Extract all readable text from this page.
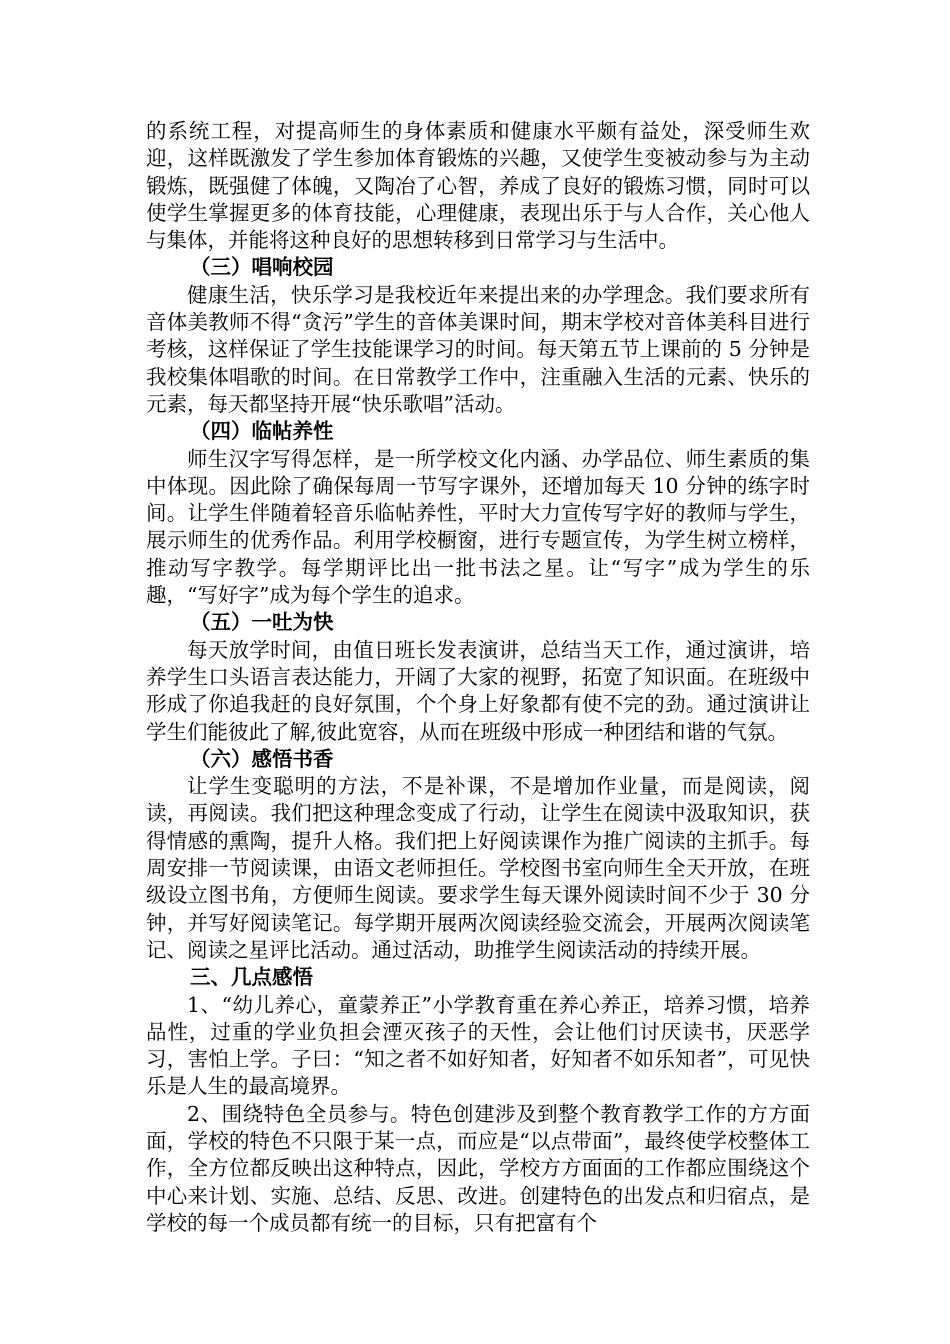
的系统工程，对提高师生的身体素质和健康水平颇有益处，深受师生欢迎，这样既激发了学生参加体育锻炼的兴趣，又使学生变被动参与为主动锻炼，既强健了体魄，又陶冶了心智，养成了良好的锻炼习惯，同时可以使学生掌握更多的体育技能，心理健康，表现出乐于与人合作，关心他人与集体，并能将这种良好的思想转移到日常学习与生活中。

（三）唱响校园

健康生活，快乐学习是我校近年来提出来的办学理念。我们要求所有音体美教师不得“贪污”学生的音体美课时间，期末学校对音体美科目进行考核，这样保证了学生技能课学习的时间。每天第五节上课前的 5 分钟是我校集体唱歌的时间。在日常教学工作中，注重融入生活的元素、快乐的元素，每天都坚持开展“快乐歌唱”活动。

（四）临帖养性

师生汉字写得怎样，是一所学校文化内涵、办学品位、师生素质的集中体现。因此除了确保每周一节写字课外，还增加每天 10 分钟的练字时间。让学生伴随着轻音乐临帖养性，平时大力宣传写字好的教师与学生，展示师生的优秀作品。利用学校橱窗，进行专题宣传，为学生树立榜样，推动写字教学。每学期评比出一批书法之星。让“写字”成为学生的乐趣，“写好字”成为每个学生的追求。

（五）一吐为快

每天放学时间，由值日班长发表演讲，总结当天工作，通过演讲，培养学生口头语言表达能力，开阔了大家的视野，拓宽了知识面。在班级中形成了你追我赶的良好氛围，个个身上好象都有使不完的劲。通过演讲让学生们能彼此了解,彼此宽容，从而在班级中形成一种团结和谐的气氛。

（六）感悟书香

让学生变聪明的方法，不是补课，不是增加作业量，而是阅读，阅读，再阅读。我们把这种理念变成了行动，让学生在阅读中汲取知识，获得情感的熏陶，提升人格。我们把上好阅读课作为推广阅读的主抓手。每周安排一节阅读课，由语文老师担任。学校图书室向师生全天开放，在班级设立图书角，方便师生阅读。要求学生每天课外阅读时间不少于 30 分钟，并写好阅读笔记。每学期开展两次阅读经验交流会，开展两次阅读笔记、阅读之星评比活动。通过活动，助推学生阅读活动的持续开展。

三、几点感悟

1、“幼儿养心，童蒙养正”小学教育重在养心养正，培养习惯，培养品性，过重的学业负担会湮灭孩子的天性，会让他们讨厌读书，厌恶学习，害怕上学。子曰：“知之者不如好知者，好知者不如乐知者”，可见快乐是人生的最高境界。

2、围绕特色全员参与。特色创建涉及到整个教育教学工作的方方面面，学校的特色不只限于某一点，而应是“以点带面”，最终使学校整体工作，全方位都反映出这种特点，因此，学校方方面面的工作都应围绕这个中心来计划、实施、总结、反思、改进。创建特色的出发点和归宿点，是学校的每一个成员都有统一的目标，只有把富有个
